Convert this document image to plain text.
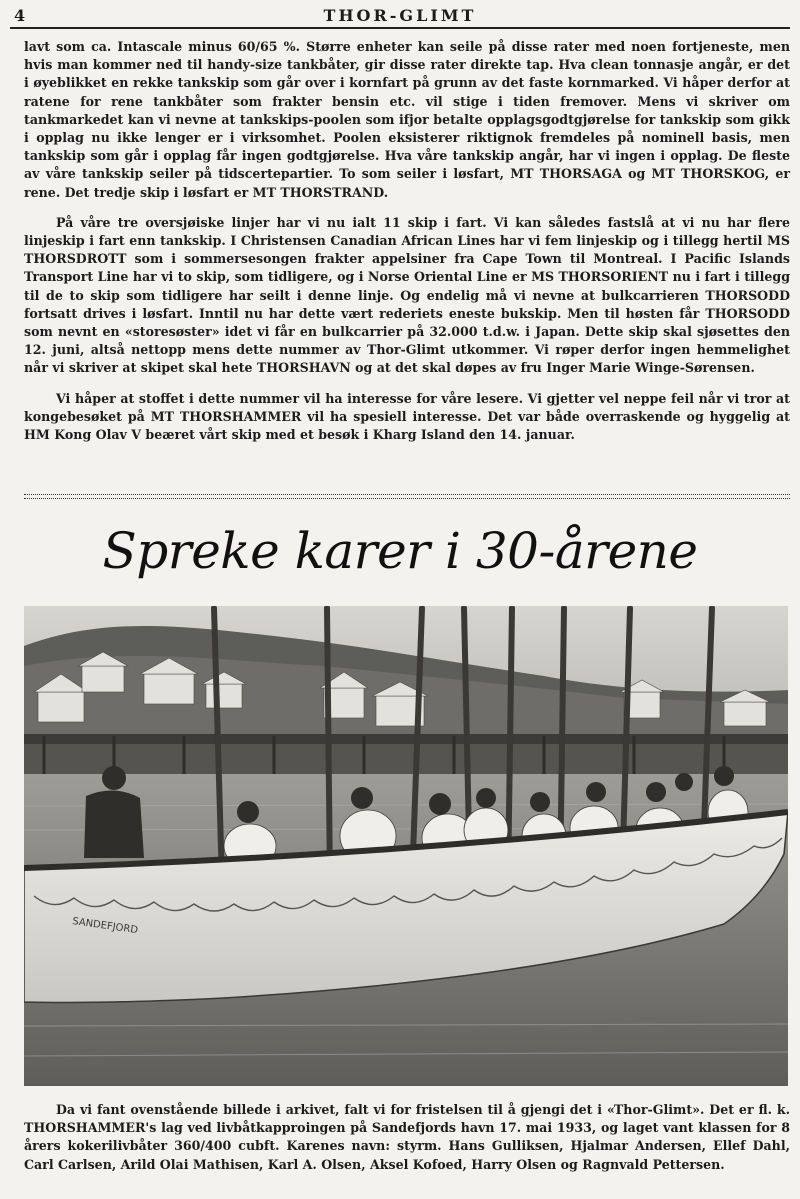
4	THOR-GLIMT

lavt som ca. Intascale minus 60/65 %. Større enheter kan seile på disse rater med noen fortjeneste, men hvis man kommer ned til handy-size tankbåter, gir disse rater direkte tap. Hva clean tonnasje angår, er det i øyeblikket en rekke tankskip som går over i kornfart på grunn av det faste kornmarked. Vi håper derfor at ratene for rene tankbåter som frakter bensin etc. vil stige i tiden fremover. Mens vi skriver om tankmarkedet kan vi nevne at tankskips-poolen som ifjor betalte opplagsgodtgjørelse for tankskip som gikk i opplag nu ikke lenger er i virksomhet. Poolen eksisterer riktignok fremdeles på nominell basis, men tankskip som går i opplag får ingen godtgjørelse. Hva våre tankskip angår, har vi ingen i opplag. De fleste av våre tankskip seiler på tidscertepartier. To som seiler i løsfart, MT THORSAGA og MT THORSKOG, er rene. Det tredje skip i løsfart er MT THORSTRAND.

På våre tre oversjøiske linjer har vi nu ialt 11 skip i fart. Vi kan således fastslå at vi nu har flere linjeskip i fart enn tankskip. I Christensen Canadian African Lines har vi fem linjeskip og i tillegg hertil MS THORSDROTT som i sommersesongen frakter appelsiner fra Cape Town til Montreal. I Pacific Islands Transport Line har vi to skip, som tidligere, og i Norse Oriental Line er MS THORSORIENT nu i fart i tillegg til de to skip som tidligere har seilt i denne linje. Og endelig må vi nevne at bulkcarrieren THORSODD fortsatt drives i løsfart. Inntil nu har dette vært rederiets eneste bukskip. Men til høsten får THORSODD som nevnt en «storesøster» idet vi får en bulkcarrier på 32.000 t.d.w. i Japan. Dette skip skal sjøsettes den 12. juni, altså nettopp mens dette nummer av Thor-Glimt utkommer. Vi røper derfor ingen hemmelighet når vi skriver at skipet skal hete THORSHAVN og at det skal døpes av fru Inger Marie Winge-Sørensen.

Vi håper at stoffet i dette nummer vil ha interesse for våre lesere. Vi gjetter vel neppe feil når vi tror at kongebesøket på MT THORSHAMMER vil ha spesiell interesse. Det var både overraskende og hyggelig at HM Kong Olav V beæret vårt skip med et besøk i Kharg Island den 14. januar.

Spreke karer i 30-årene
SANDEFJORD

Da vi fant ovenstående billede i arkivet, falt vi for fristelsen til å gjengi det i «Thor-Glimt». Det er fl. k. THORSHAMMER's lag ved livbåtkapproingen på Sandefjords havn 17. mai 1933, og laget vant klassen for 8 årers kokerilivbåter 360/400 cubft. Karenes navn: styrm. Hans Gulliksen, Hjalmar Andersen, Ellef Dahl, Carl Carlsen, Arild Olai Mathisen, Karl A. Olsen, Aksel Kofoed, Harry Olsen og Ragnvald Pettersen.
